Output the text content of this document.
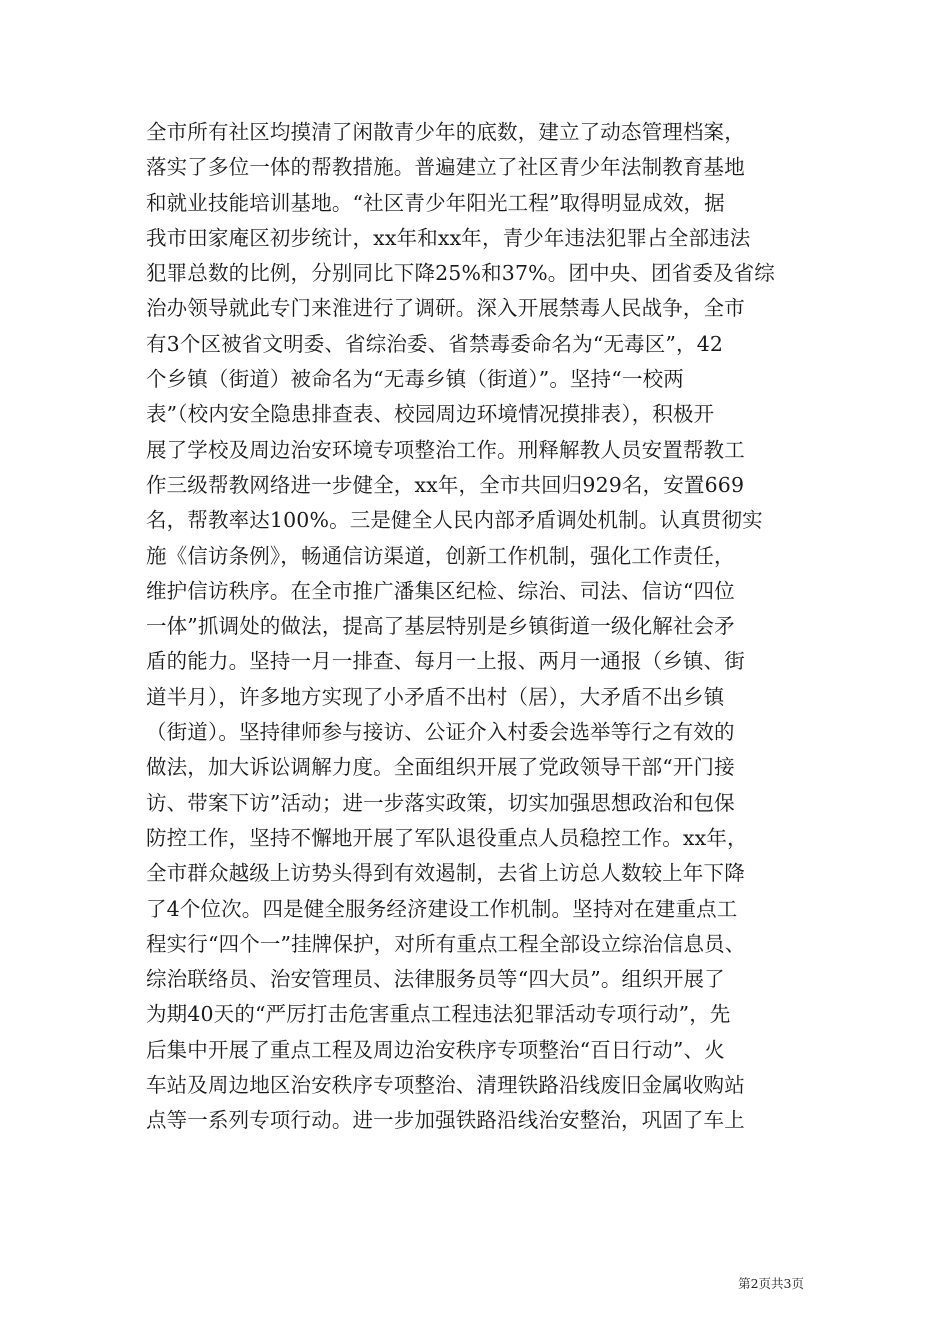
全市所有社区均摸清了闲散青少年的底数，建立了动态管理档案，
落实了多位一体的帮教措施。普遍建立了社区青少年法制教育基地
和就业技能培训基地。“社区青少年阳光工程”取得明显成效，据
我市田家庵区初步统计，xx年和xx年，青少年违法犯罪占全部违法
犯罪总数的比例，分别同比下降25%和37%。团中央、团省委及省综
治办领导就此专门来淮进行了调研。深入开展禁毒人民战争，全市
有3个区被省文明委、省综治委、省禁毒委命名为“无毒区”，42
个乡镇（街道）被命名为“无毒乡镇（街道）”。坚持“一校两
表”（校内安全隐患排查表、校园周边环境情况摸排表），积极开
展了学校及周边治安环境专项整治工作。刑释解教人员安置帮教工
作三级帮教网络进一步健全，xx年，全市共回归929名，安置669
名，帮教率达100%。三是健全人民内部矛盾调处机制。认真贯彻实
施《信访条例》，畅通信访渠道，创新工作机制，强化工作责任，
维护信访秩序。在全市推广潘集区纪检、综治、司法、信访“四位
一体”抓调处的做法，提高了基层特别是乡镇街道一级化解社会矛
盾的能力。坚持一月一排查、每月一上报、两月一通报（乡镇、街
道半月），许多地方实现了小矛盾不出村（居），大矛盾不出乡镇
（街道）。坚持律师参与接访、公证介入村委会选举等行之有效的
做法，加大诉讼调解力度。全面组织开展了党政领导干部“开门接
访、带案下访”活动；进一步落实政策，切实加强思想政治和包保
防控工作，坚持不懈地开展了军队退役重点人员稳控工作。xx年，
全市群众越级上访势头得到有效遏制，去省上访总人数较上年下降
了4个位次。四是健全服务经济建设工作机制。坚持对在建重点工
程实行“四个一”挂牌保护，对所有重点工程全部设立综治信息员、
综治联络员、治安管理员、法律服务员等“四大员”。组织开展了
为期40天的“严厉打击危害重点工程违法犯罪活动专项行动”，先
后集中开展了重点工程及周边治安秩序专项整治“百日行动”、火
车站及周边地区治安秩序专项整治、清理铁路沿线废旧金属收购站
点等一系列专项行动。进一步加强铁路沿线治安整治，巩固了车上
第2页共3页
